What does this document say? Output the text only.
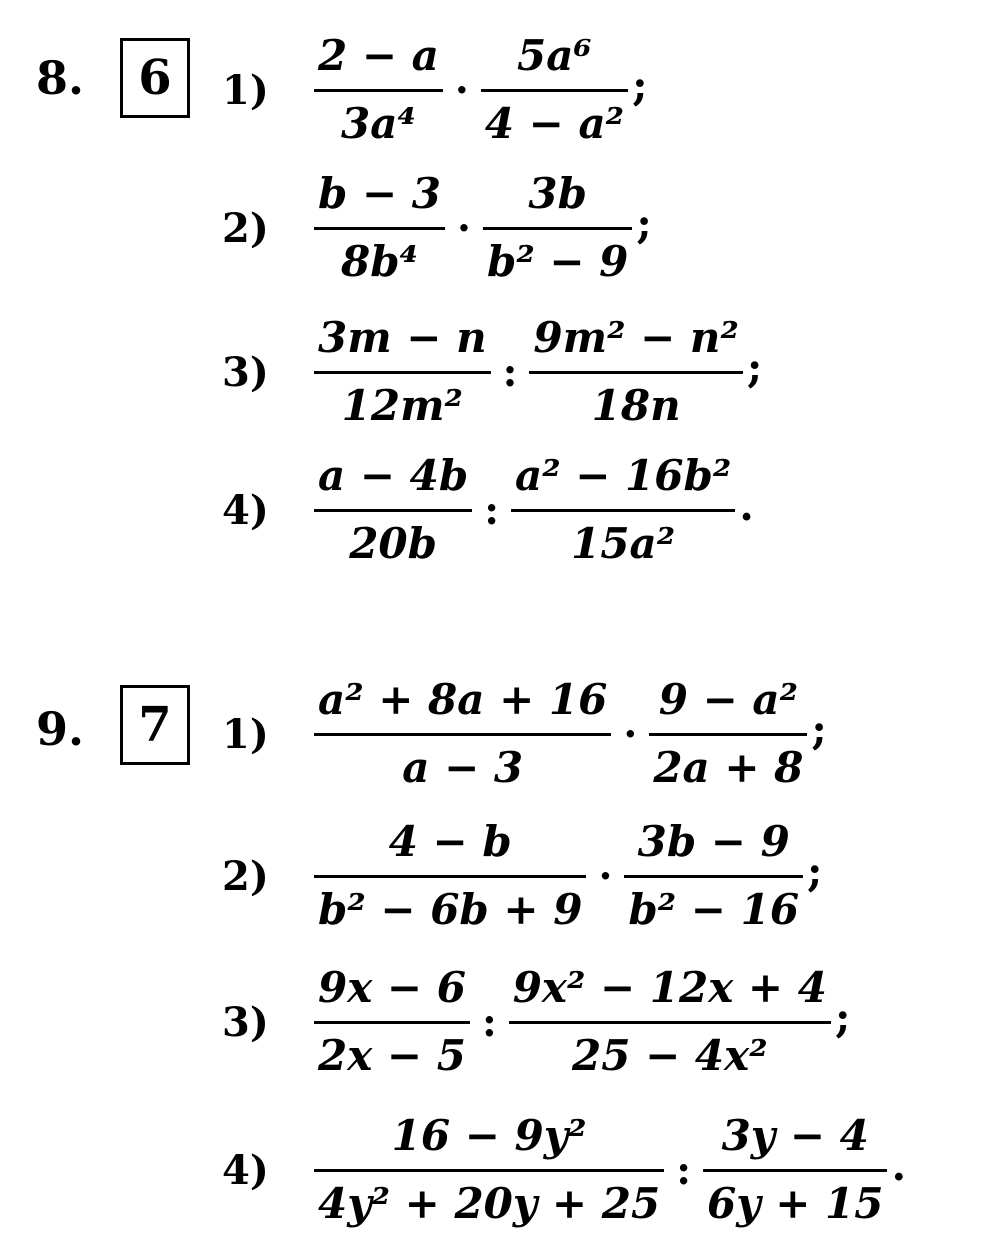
8.	6	1)	$\frac{2 - a}{\text{3a⁴}} \cdot \frac{\text{5a⁶}}{\text{4 − a²}}$ ;
2)	$\frac{b - 3}{\text{8b⁴}} \cdot \frac{3b}{\text{b² − 9}}$ ;
3)	$\frac{3m - n}{\text{12m²}}$ : $\frac{\text{9m² − n²}}{18n}$ ;
4)	$\frac{a - 4b}{20b}$ : $\frac{\text{a² − 16b²}}{\text{15a²}}$ .
9.	7	1)	$\frac{\text{a² + 8a + 16}}{a - 3} \cdot \frac{\text{9 − a²}}{2a + 8}$ ;
2)	$\frac{4 - b}{\text{b² − 6b + 9}} \cdot \frac{3b - 9}{\text{b² − 16}}$ ;
3)	$\frac{9x - 6}{2x - 5}$ : $\frac{\text{9x² − 12x + 4}}{\text{25 − 4x²}}$ ;
4)	$\frac{\text{16 − 9y²}}{\text{4y² + 20y + 25}}$ : $\frac{3y - 4}{6y + 15}$ .
